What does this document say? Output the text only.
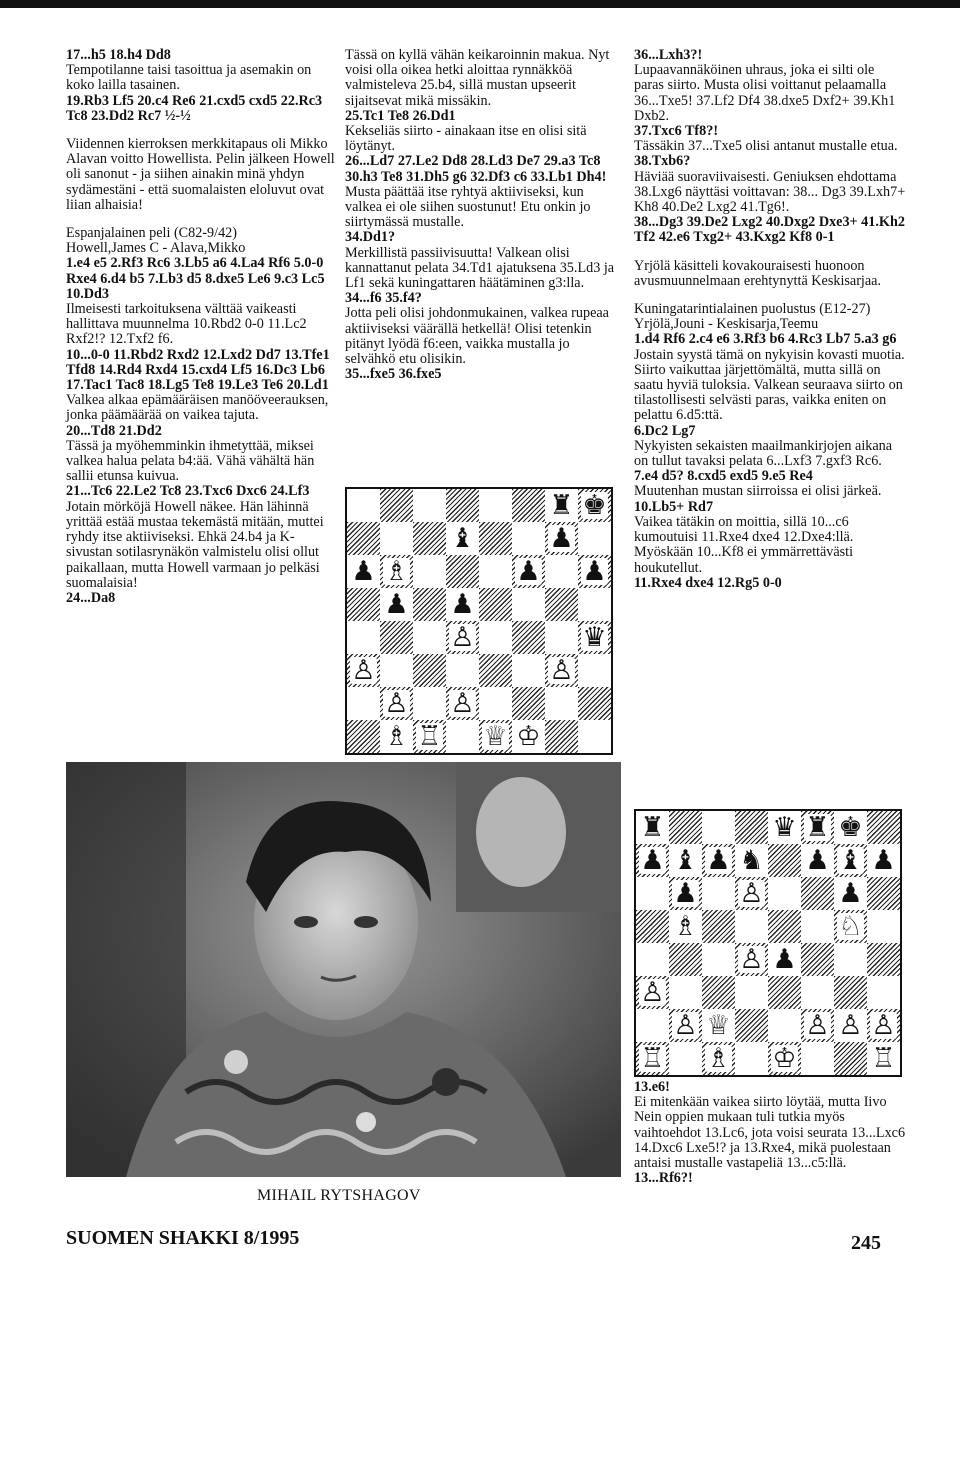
17...h5 18.h4 Dd8

Tempotilanne taisi tasoittua ja asemakin on koko lailla tasainen.

19.Rb3 Lf5 20.c4 Re6 21.cxd5 cxd5 22.Rc3 Tc8 23.Dd2 Rc7 ½-½

Viidennen kierroksen merkkitapaus oli Mikko Alavan voitto Howellista. Pelin jälkeen Howell oli sanonut - ja siihen ainakin minä yhdyn sydämestäni - että suomalaisten eloluvut ovat liian alhaisia!

Espanjalainen peli (C82-9/42)

Howell,James C - Alava,Mikko

1.e4 e5 2.Rf3 Rc6 3.Lb5 a6 4.La4 Rf6 5.0-0 Rxe4 6.d4 b5 7.Lb3 d5 8.dxe5 Le6 9.c3 Lc5 10.Dd3

Ilmeisesti tarkoituksena välttää vaikeasti hallittava muunnelma 10.Rbd2 0-0 11.Lc2 Rxf2!? 12.Txf2 f6.

10...0-0 11.Rbd2 Rxd2 12.Lxd2 Dd7 13.Tfe1 Tfd8 14.Rd4 Rxd4 15.cxd4 Lf5 16.Dc3 Lb6 17.Tac1 Tac8 18.Lg5 Te8 19.Le3 Te6 20.Ld1

Valkea alkaa epämääräisen manööveerauksen, jonka päämäärää on vaikea tajuta.

20...Td8 21.Dd2

Tässä ja myöhemminkin ihmetyttää, miksei valkea halua pelata b4:ää. Vähä vähältä hän sallii etunsa kuivua.

21...Tc6 22.Le2 Tc8 23.Txc6 Dxc6 24.Lf3

Jotain mörköjä Howell näkee. Hän lähinnä yrittää estää mustaa tekemästä mitään, muttei ryhdy itse aktiiviseksi. Ehkä 24.b4 ja K-sivustan sotilasrynäkön valmistelu olisi ollut paikallaan, mutta Howell varmaan jo pelkäsi suomalaisia!

24...Da8

Tässä on kyllä vähän keikaroinnin makua. Nyt voisi olla oikea hetki aloittaa rynnäkköä valmisteleva 25.b4, sillä mustan upseerit sijaitsevat mikä missäkin.

25.Tc1 Te8 26.Dd1

Kekseliäs siirto - ainakaan itse en olisi sitä löytänyt.

26...Ld7 27.Le2 Dd8 28.Ld3 De7 29.a3 Tc8 30.h3 Te8 31.Dh5 g6 32.Df3 c6 33.Lb1 Dh4!

Musta päättää itse ryhtyä aktiiviseksi, kun valkea ei ole siihen suostunut! Etu onkin jo siirtymässä mustalle.

34.Dd1?

Merkillistä passiivisuutta! Valkean olisi kannattanut pelata 34.Td1 ajatuksena 35.Ld3 ja Lf1 sekä kuningattaren häätäminen g3:lla.

34...f6 35.f4?

Jotta peli olisi johdonmukainen, valkea rupeaa aktiiviseksi väärällä hetkellä! Olisi tetenkin pitänyt lyödä f6:een, vaikka mustalla jo selvähkö etu olisikin.

35...fxe5 36.fxe5

36...Lxh3?!

Lupaavannäköinen uhraus, joka ei silti ole paras siirto. Musta olisi voittanut pelaamalla 36...Txe5! 37.Lf2 Df4 38.dxe5 Dxf2+ 39.Kh1 Dxb2.

37.Txc6 Tf8?!

Tässäkin 37...Txe5 olisi antanut mustalle etua.

38.Txb6?

Häviää suoraviivaisesti. Geniuksen ehdottama 38.Lxg6 näyttäsi voittavan: 38... Dg3 39.Lxh7+ Kh8 40.De2 Lxg2 41.Tg6!.

38...Dg3 39.De2 Lxg2 40.Dxg2 Dxe3+ 41.Kh2 Tf2 42.e6 Txg2+ 43.Kxg2 Kf8 0-1

Yrjölä käsitteli kovakouraisesti huonoon avusmuunnelmaan erehtynyttä Keskisarjaa.

Kuningatarintialainen puolustus (E12-27)

Yrjölä,Jouni - Keskisarja,Teemu

1.d4 Rf6 2.c4 e6 3.Rf3 b6 4.Rc3 Lb7 5.a3 g6

Jostain syystä tämä on nykyisin kovasti muotia. Siirto vaikuttaa järjettömältä, mutta sillä on saatu hyviä tuloksia. Valkean seuraava siirto on tilastollisesti selvästi paras, vaikka eniten on pelattu 6.d5:ttä.

6.Dc2 Lg7

Nykyisten sekaisten maailmankirjojen aikana on tullut tavaksi pelata 6...Lxf3 7.gxf3 Rc6.

7.e4 d5? 8.cxd5 exd5 9.e5 Re4

Muutenhan mustan siirroissa ei olisi järkeä.

10.Lb5+ Rd7

Vaikea tätäkin on moittia, sillä 10...c6 kumoutuisi 11.Rxe4 dxe4 12.Dxe4:llä. Myöskään 10...Kf8 ei ymmärrettävästi houkutellut.

11.Rxe4 dxe4 12.Rg5 0-0

13.e6!

Ei mitenkään vaikea siirto löytää, mutta Iivo Nein oppien mukaan tuli tutkia myös vaihtoehdot 13.Lc6, jota voisi seurata 13...Lxc6 14.Dxc6 Lxe5!? ja 13.Rxe4, mikä puolestaan antaisi mustalle vastapeliä 13...c5:llä.

13...Rf6?!

♜ ♚
♝	♟
♟ ♗	♟ ♟
♟ ♟
♙	♛
♙	♙
♙ ♙
♗ ♖ ♕ ♔
♜	♛ ♜ ♚
♟ ♝ ♟ ♞ ♟ ♝ ♟
♟ ♙	♟
♗	♘
♙ ♟
♙
♙ ♕	♙ ♙ ♙
♖ ♗ ♔	♖
MIHAIL RYTSHAGOV
SUOMEN SHAKKI 8/1995	245
